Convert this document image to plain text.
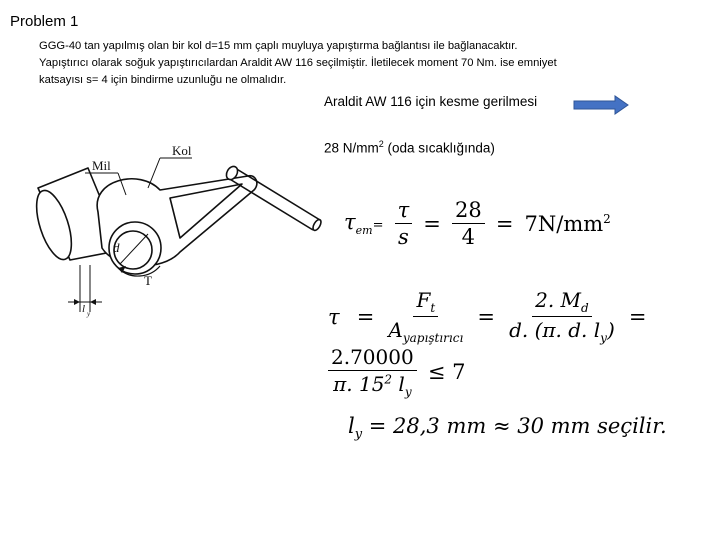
Problem 1
GGG-40 tan yapılmış olan bir kol d=15 mm çaplı muyluya yapıştırma bağlantısı ile bağlanacaktır.
Yapıştırıcı olarak soğuk yapıştırıcılardan Araldit AW 116 seçilmiştir. İletilecek moment 70 Nm. ise emniyet
katsayısı s= 4 için bindirme uzunluğu ne olmalıdır.
Araldit AW 116 için kesme gerilmesi
28 $N/mm^2$ (oda sıcaklığında)
Kol
Mil
d
T
l y
$\tau_{em}= \frac{\tau}{s} = \frac{28}{4} = 7N/mm^2$
$\tau = \frac{F_t}{A_{yapıştırıcı}} = \frac{2. M_d}{d. (\pi. d. l_y)}$ =
$\frac{2.70000}{\pi. 15^2 l_y} \le 7$
$l_y = 28,3$ mm ≈ 30 mm seçilir.
